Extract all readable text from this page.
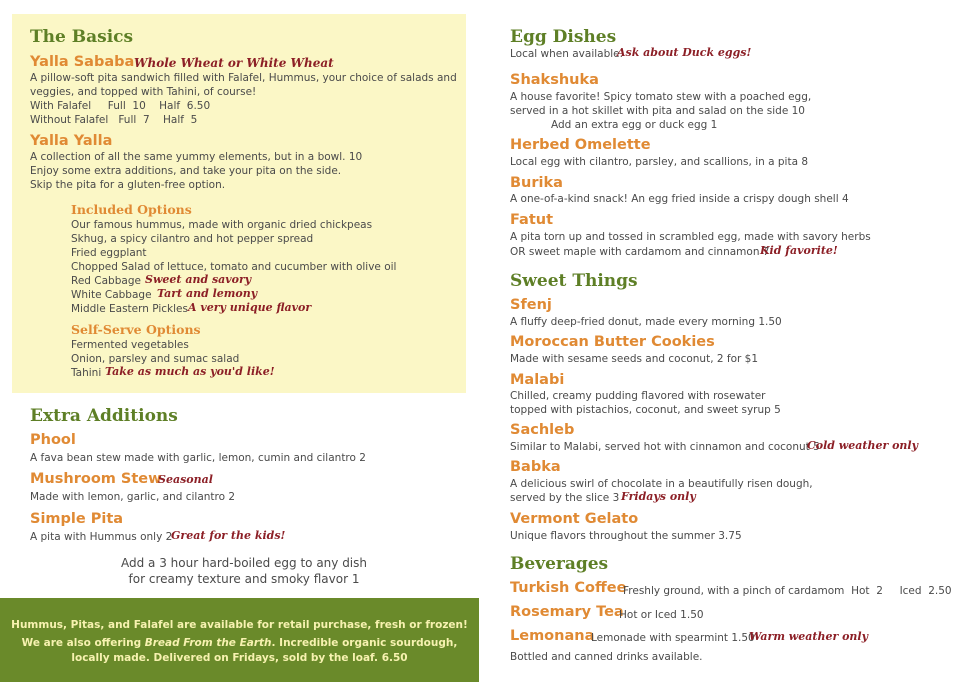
Hummus, Pitas, and Falafel are available for retail purchase, fresh or frozen!
We are also offering Bread From the Earth. Incredible organic sourdough,
locally made. Delivered on Fridays, sold by the loaf. 6.50
The Basics
Yalla Sababa Whole Wheat or White Wheat
A pillow-soft pita sandwich filled with Falafel, Hummus, your choice of salads and
veggies, and topped with Tahini, of course!
With Falafel     Full  10    Half  6.50
Without Falafel   Full  7    Half  5
Yalla Yalla
A collection of all the same yummy elements, but in a bowl. 10
Enjoy some extra additions, and take your pita on the side.
Skip the pita for a gluten-free option.
Included Options
Our famous hummus, made with organic dried chickpeas
Skhug, a spicy cilantro and hot pepper spread
Fried eggplant
Chopped Salad of lettuce, tomato and cucumber with olive oil
Red Cabbage Sweet and savory
White Cabbage Tart and lemony
Middle Eastern Pickles A very unique flavor
Self-Serve Options
Fermented vegetables
Onion, parsley and sumac salad
Tahini Take as much as you'd like!
Extra Additions
Phool
A fava bean stew made with garlic, lemon, cumin and cilantro 2
Mushroom Stew
Seasonal
Made with lemon, garlic, and cilantro 2
Simple Pita
A pita with Hummus only 2
Great for the kids!
Add a 3 hour hard-boiled egg to any dish
for creamy texture and smoky flavor 1
Egg Dishes
Local when available.
Ask about Duck eggs!
Shakshuka
A house favorite! Spicy tomato stew with a poached egg,
served in a hot skillet with pita and salad on the side 10
Add an extra egg or duck egg 1
Herbed Omelette
Local egg with cilantro, parsley, and scallions, in a pita 8
Burika
A one-of-a-kind snack! An egg fried inside a crispy dough shell 4
Fatut
A pita torn up and tossed in scrambled egg, made with savory herbs
OR sweet maple with cardamom and cinnamon 7
Kid favorite!
Sweet Things
Sfenj
A fluffy deep-fried donut, made every morning 1.50
Moroccan Butter Cookies
Made with sesame seeds and coconut, 2 for $1
Malabi
Chilled, creamy pudding flavored with rosewater
topped with pistachios, coconut, and sweet syrup 5
Sachleb
Similar to Malabi, served hot with cinnamon and coconut 5
Cold weather only
Babka
A delicious swirl of chocolate in a beautifully risen dough,
served by the slice 3 Fridays only
Vermont Gelato
Unique flavors throughout the summer 3.75
Beverages
Turkish Coffee
Freshly ground, with a pinch of cardamom  Hot  2     Iced  2.50
Rosemary Tea
Hot or Iced 1.50
Lemonana
Lemonade with spearmint 1.50
Warm weather only
Bottled and canned drinks available.
